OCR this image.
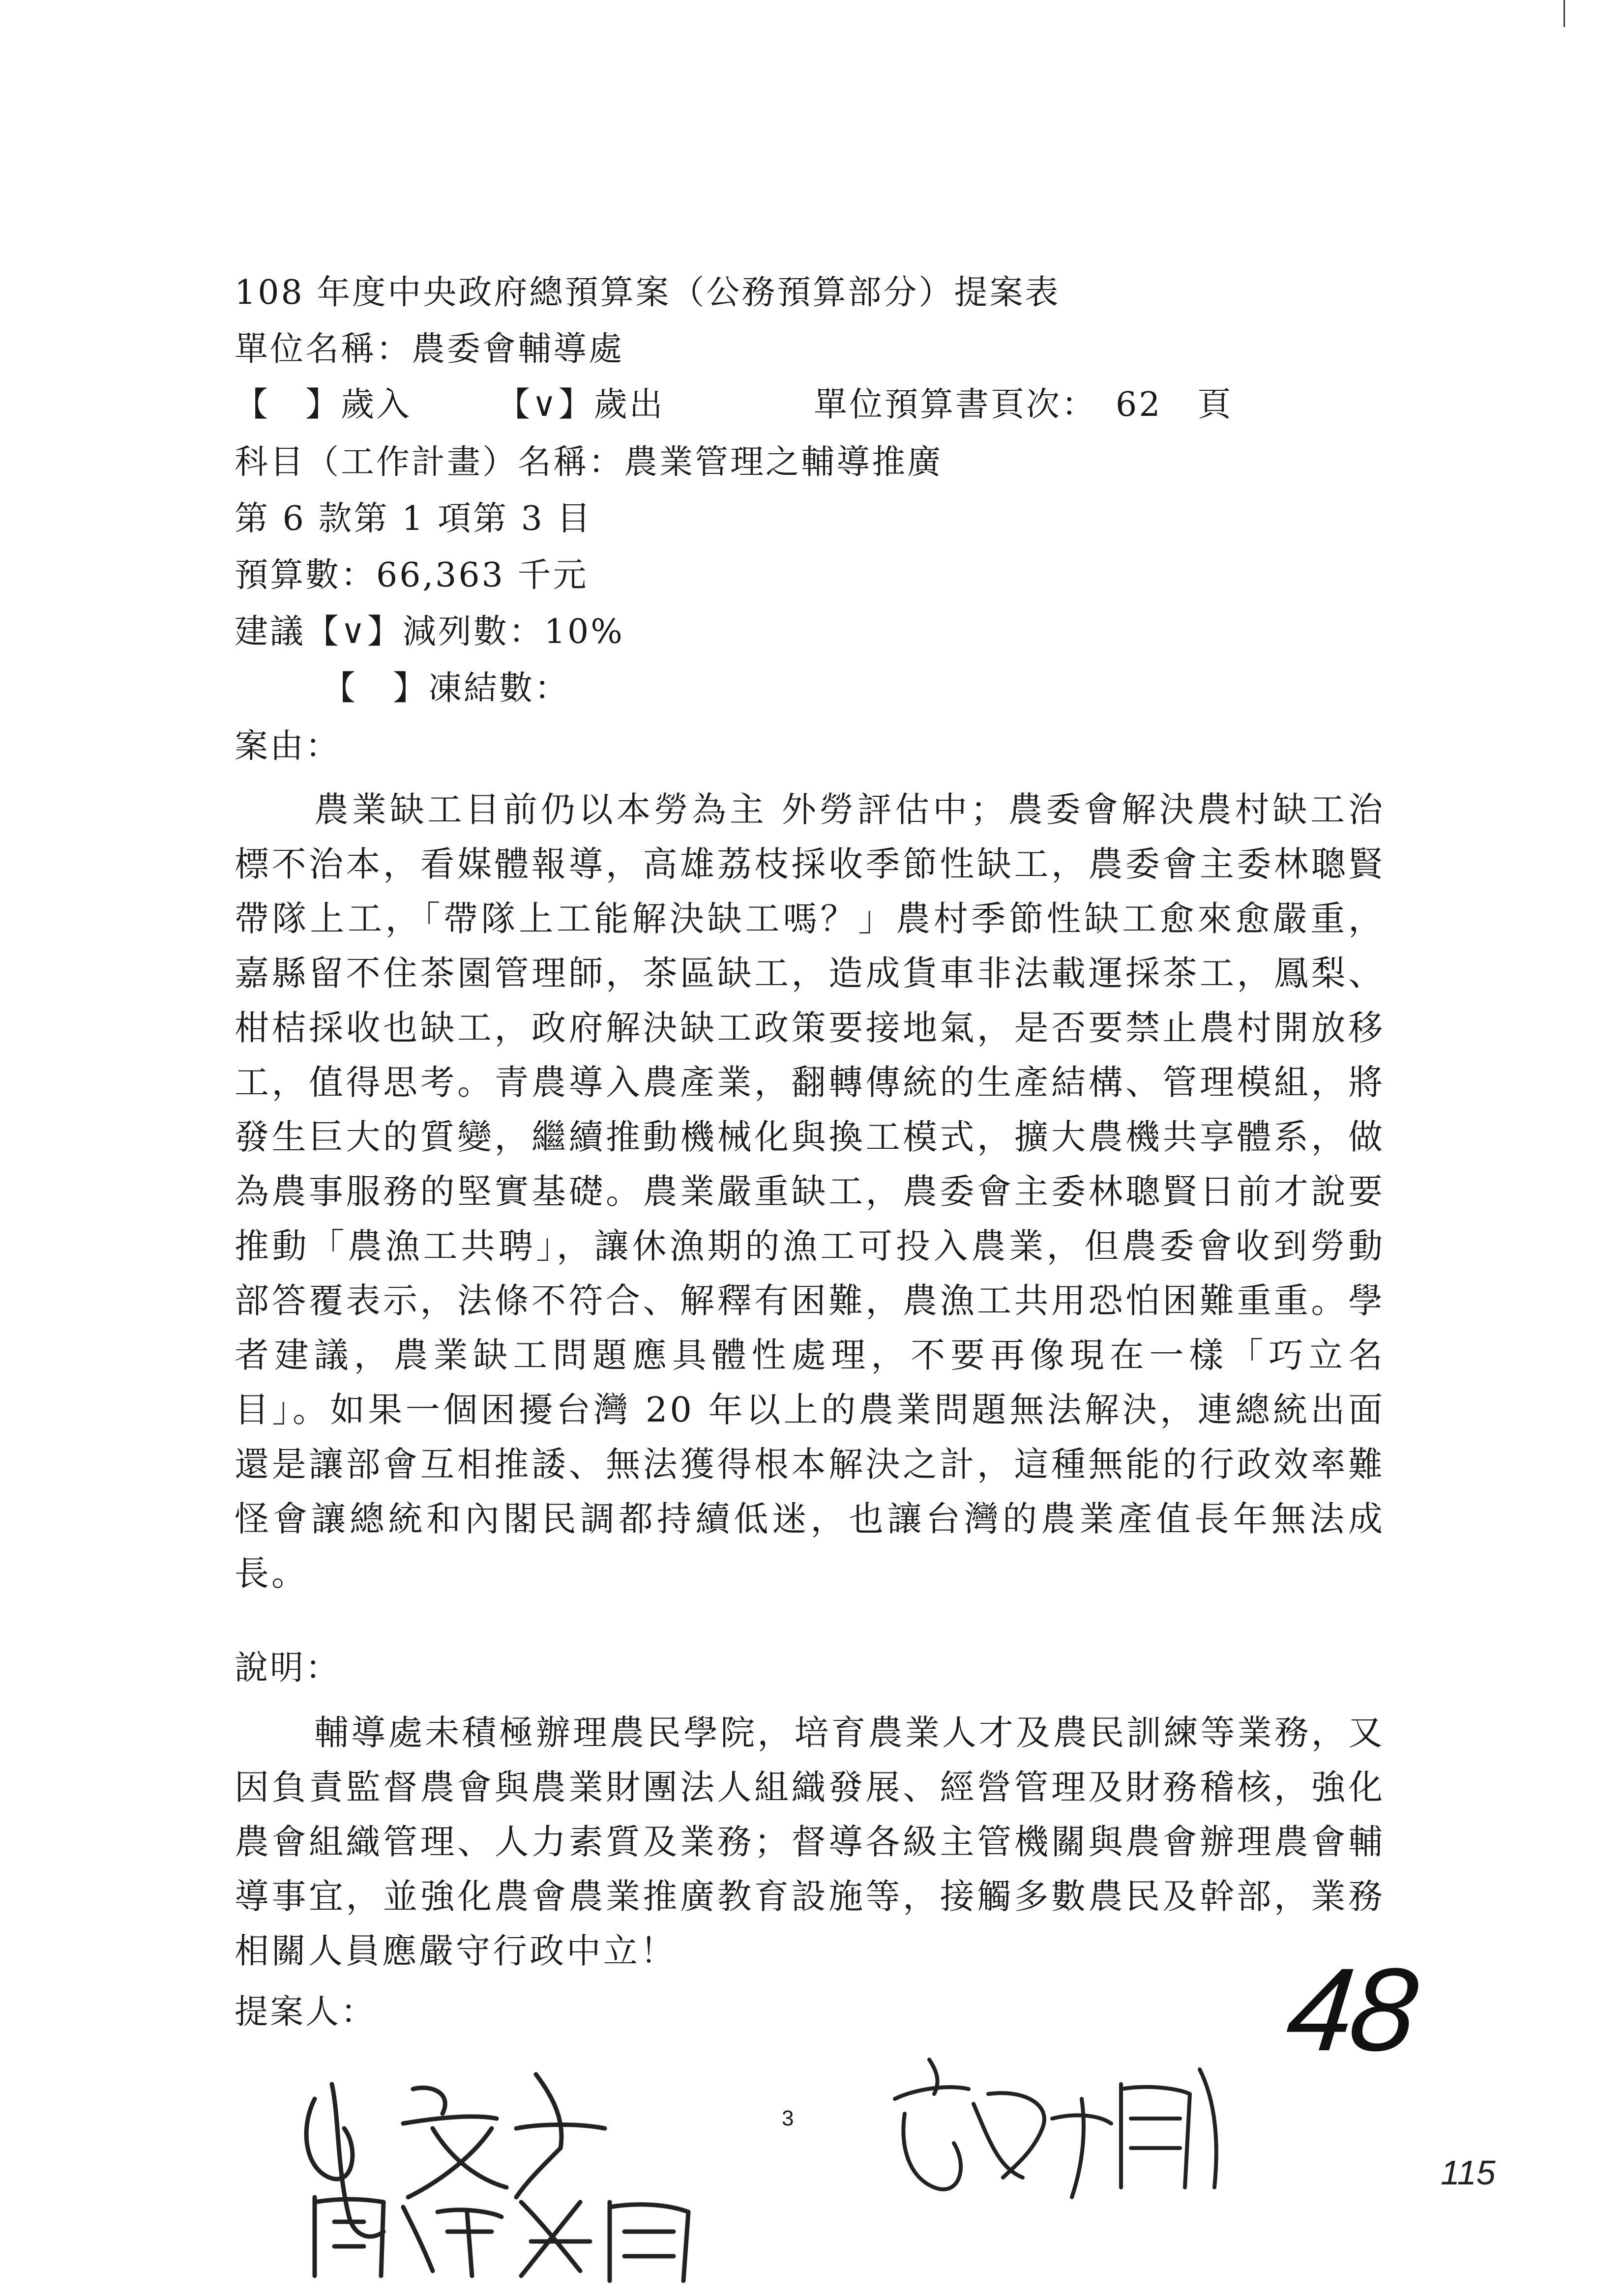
108 年度中央政府總預算案（公務預算部分）提案表
單位名稱：農委會輔導處
【　】歲入	【∨】歲出	單位預算書頁次：　62　頁
科目（工作計畫）名稱：農業管理之輔導推廣
第 6 款第 1 項第 3 目
預算數：66,363 千元
建議【∨】減列數：10%
【　】凍結數：
案由：

農業缺工目前仍以本勞為主 外勞評估中；農委會解決農村缺工治標不治本，看媒體報導，高雄荔枝採收季節性缺工，農委會主委林聰賢帶隊上工，「帶隊上工能解決缺工嗎？」農村季節性缺工愈來愈嚴重，嘉縣留不住茶園管理師，茶區缺工，造成貨車非法載運採茶工，鳳梨、柑桔採收也缺工，政府解決缺工政策要接地氣，是否要禁止農村開放移工，值得思考。青農導入農產業，翻轉傳統的生產結構、管理模組，將發生巨大的質變，繼續推動機械化與換工模式，擴大農機共享體系，做為農事服務的堅實基礎。農業嚴重缺工，農委會主委林聰賢日前才說要推動「農漁工共聘」，讓休漁期的漁工可投入農業，但農委會收到勞動部答覆表示，法條不符合、解釋有困難，農漁工共用恐怕困難重重。學者建議，農業缺工問題應具體性處理，不要再像現在一樣「巧立名目」。如果一個困擾台灣 20 年以上的農業問題無法解決，連總統出面還是讓部會互相推諉、無法獲得根本解決之計，這種無能的行政效率難怪會讓總統和內閣民調都持續低迷，也讓台灣的農業產值長年無法成長。

說明：

輔導處未積極辦理農民學院，培育農業人才及農民訓練等業務，又因負責監督農會與農業財團法人組織發展、經營管理及財務稽核，強化農會組織管理、人力素質及業務；督導各級主管機關與農會辦理農會輔導事宜，並強化農會農業推廣教育設施等，接觸多數農民及幹部，業務相關人員應嚴守行政中立！

提案人：
3
48
115
